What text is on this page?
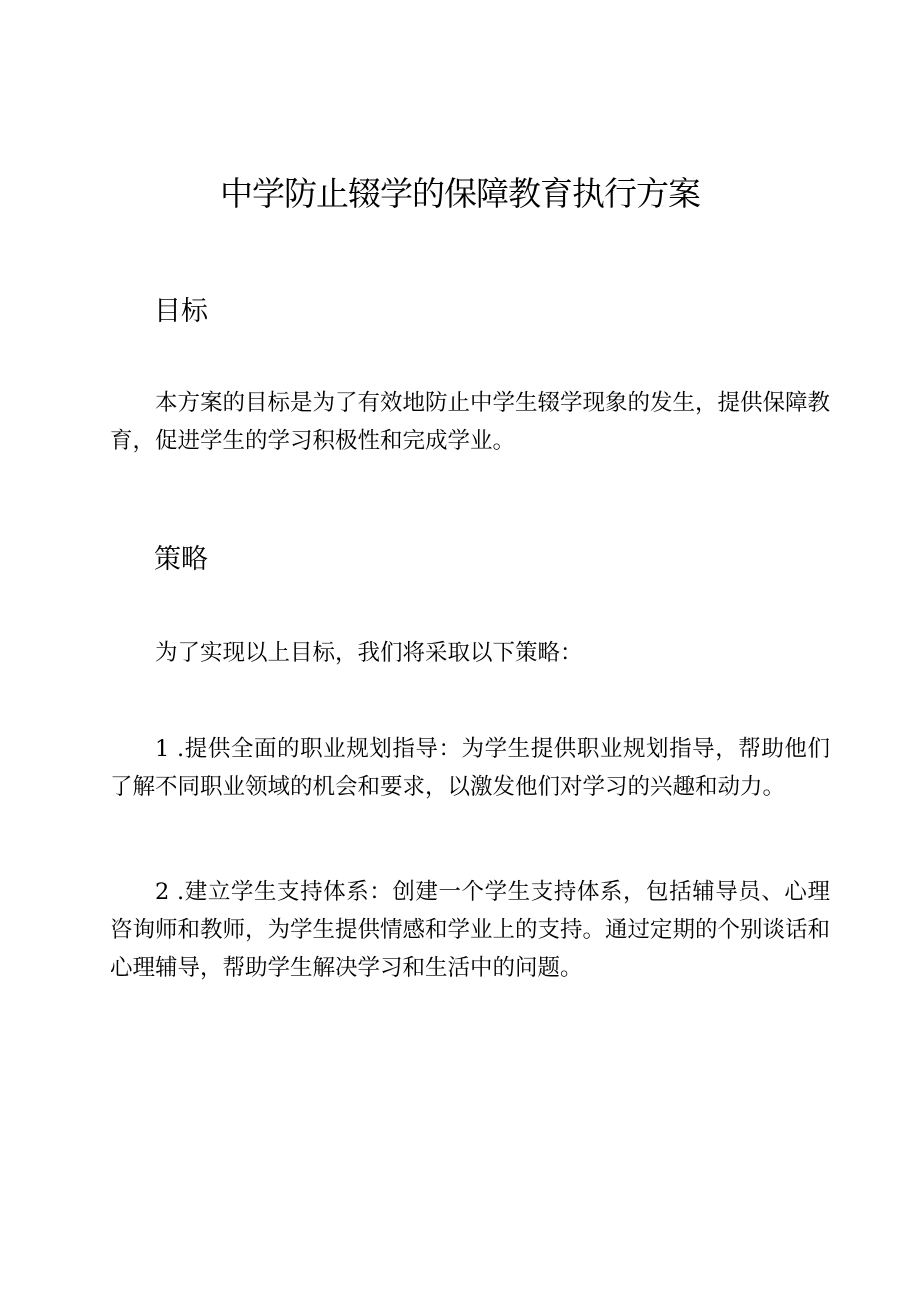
中学防止辍学的保障教育执行方案
目标

本方案的目标是为了有效地防止中学生辍学现象的发生，提供保障教育，促进学生的学习积极性和完成学业。

策略

为了实现以上目标，我们将采取以下策略：

1 .提供全面的职业规划指导：为学生提供职业规划指导，帮助他们了解不同职业领域的机会和要求，以激发他们对学习的兴趣和动力。

2 .建立学生支持体系：创建一个学生支持体系，包括辅导员、心理咨询师和教师，为学生提供情感和学业上的支持。通过定期的个别谈话和心理辅导，帮助学生解决学习和生活中的问题。
